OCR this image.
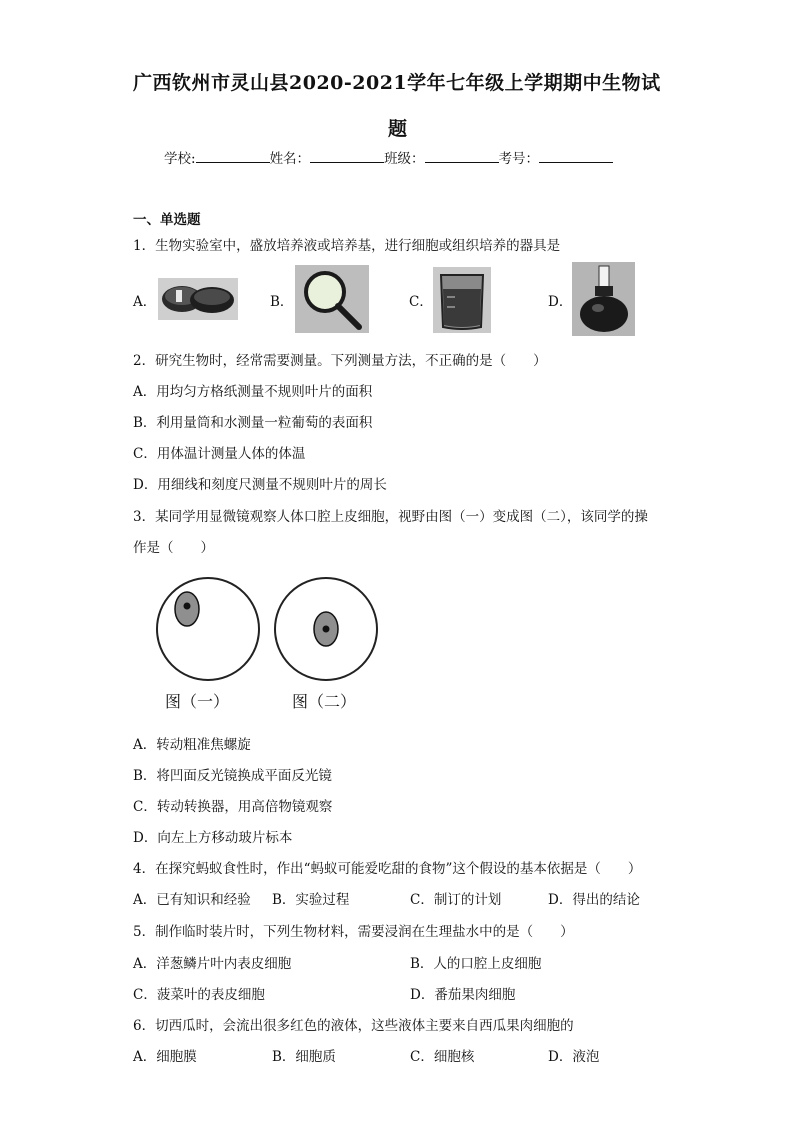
广西钦州市灵山县2020-2021学年七年级上学期期中生物试
题
学校:	姓名：	班级：	考号：
一、单选题
1．生物实验室中，盛放培养液或培养基，进行细胞或组织培养的器具是
A．	B．	C．	D．
2．研究生物时，经常需要测量。下列测量方法，不正确的是（　　）
A．用均匀方格纸测量不规则叶片的面积
B．利用量筒和水测量一粒葡萄的表面积
C．用体温计测量人体的体温
D．用细线和刻度尺测量不规则叶片的周长
3．某同学用显微镜观察人体口腔上皮细胞，视野由图（一）变成图（二），该同学的操
作是（　　）
图（一）	图（二）
A．转动粗准焦螺旋
B．将凹面反光镜换成平面反光镜
C．转动转换器，用高倍物镜观察
D．向左上方移动玻片标本
4．在探究蚂蚁食性时，作出“蚂蚁可能爱吃甜的食物”这个假设的基本依据是（　　）
A．已有知识和经验 B．实验过程	C．制订的计划	D．得出的结论
5．制作临时装片时，下列生物材料，需要浸润在生理盐水中的是（　　）
A．洋葱鳞片叶内表皮细胞	B．人的口腔上皮细胞
C．菠菜叶的表皮细胞	D．番茄果肉细胞
6．切西瓜时，会流出很多红色的液体，这些液体主要来自西瓜果肉细胞的
A．细胞膜	B．细胞质	C．细胞核	D．液泡
